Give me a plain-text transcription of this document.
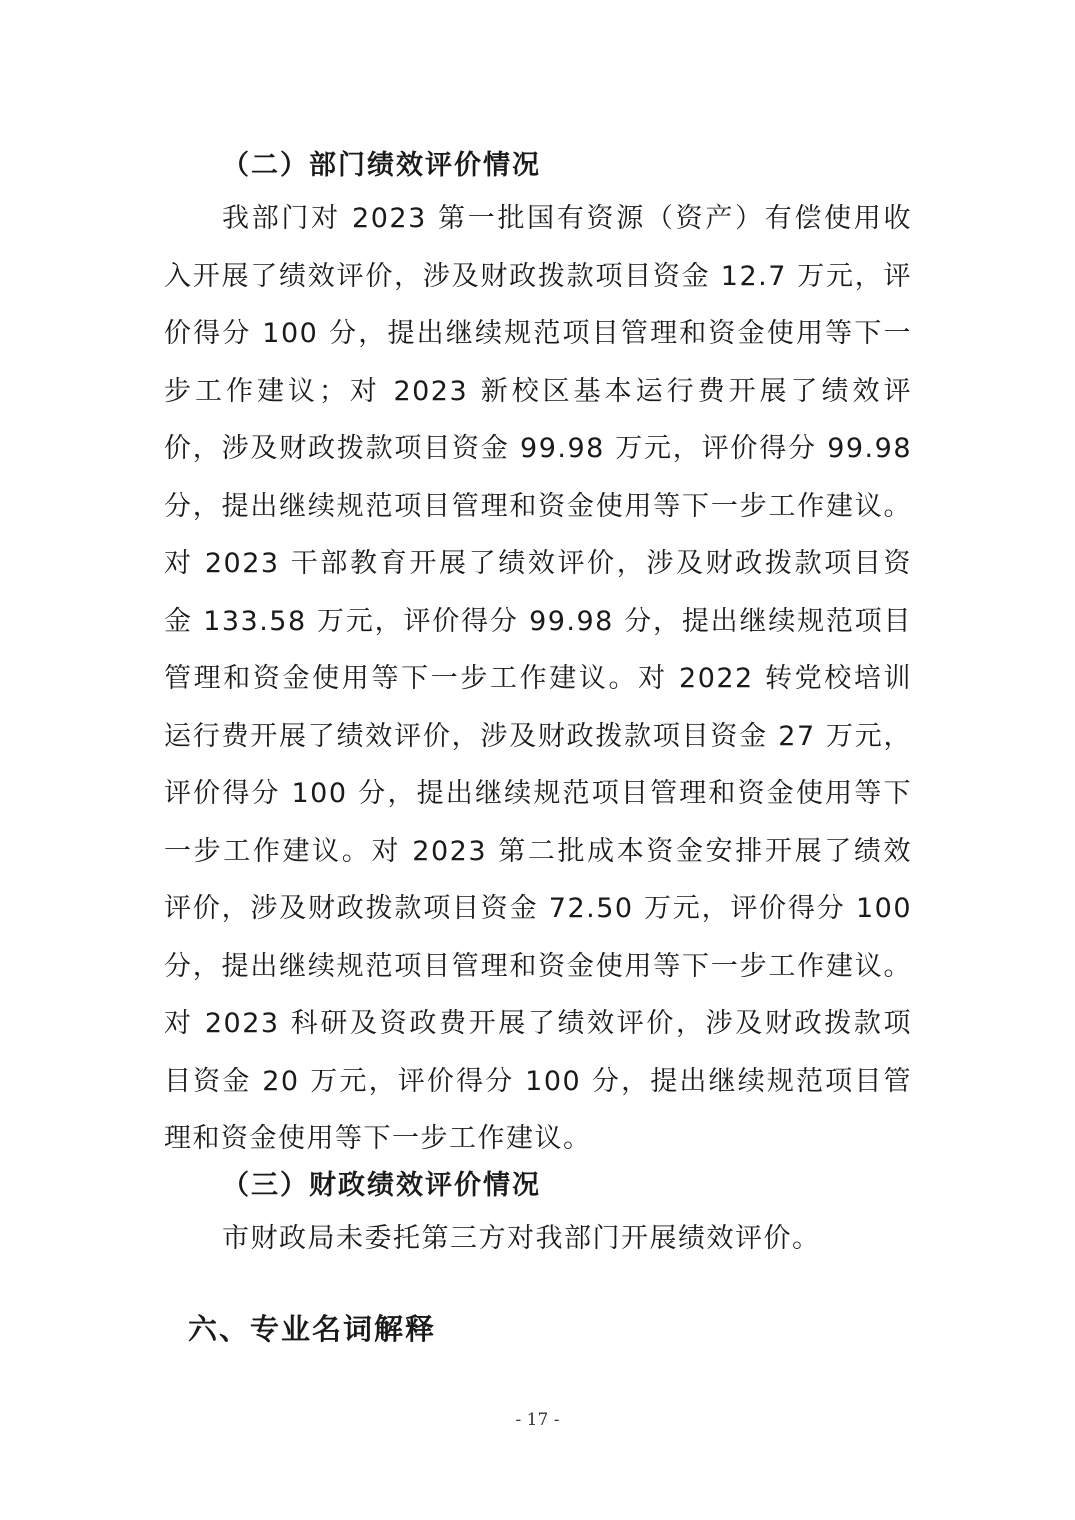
（二）部门绩效评价情况

我部门对 2023 第一批国有资源（资产）有偿使用收入开展了绩效评价，涉及财政拨款项目资金 12.7 万元，评价得分 100 分，提出继续规范项目管理和资金使用等下一步工作建议；对 2023 新校区基本运行费开展了绩效评价，涉及财政拨款项目资金 99.98 万元，评价得分 99.98 分，提出继续规范项目管理和资金使用等下一步工作建议。对 2023 干部教育开展了绩效评价，涉及财政拨款项目资金 133.58 万元，评价得分 99.98 分，提出继续规范项目管理和资金使用等下一步工作建议。对 2022 转党校培训运行费开展了绩效评价，涉及财政拨款项目资金 27 万元，评价得分 100 分，提出继续规范项目管理和资金使用等下一步工作建议。对 2023 第二批成本资金安排开展了绩效评价，涉及财政拨款项目资金 72.50 万元，评价得分 100 分，提出继续规范项目管理和资金使用等下一步工作建议。对 2023 科研及资政费开展了绩效评价，涉及财政拨款项目资金 20 万元，评价得分 100 分，提出继续规范项目管理和资金使用等下一步工作建议。

（三）财政绩效评价情况

市财政局未委托第三方对我部门开展绩效评价。

六、专业名词解释
- 17 -
